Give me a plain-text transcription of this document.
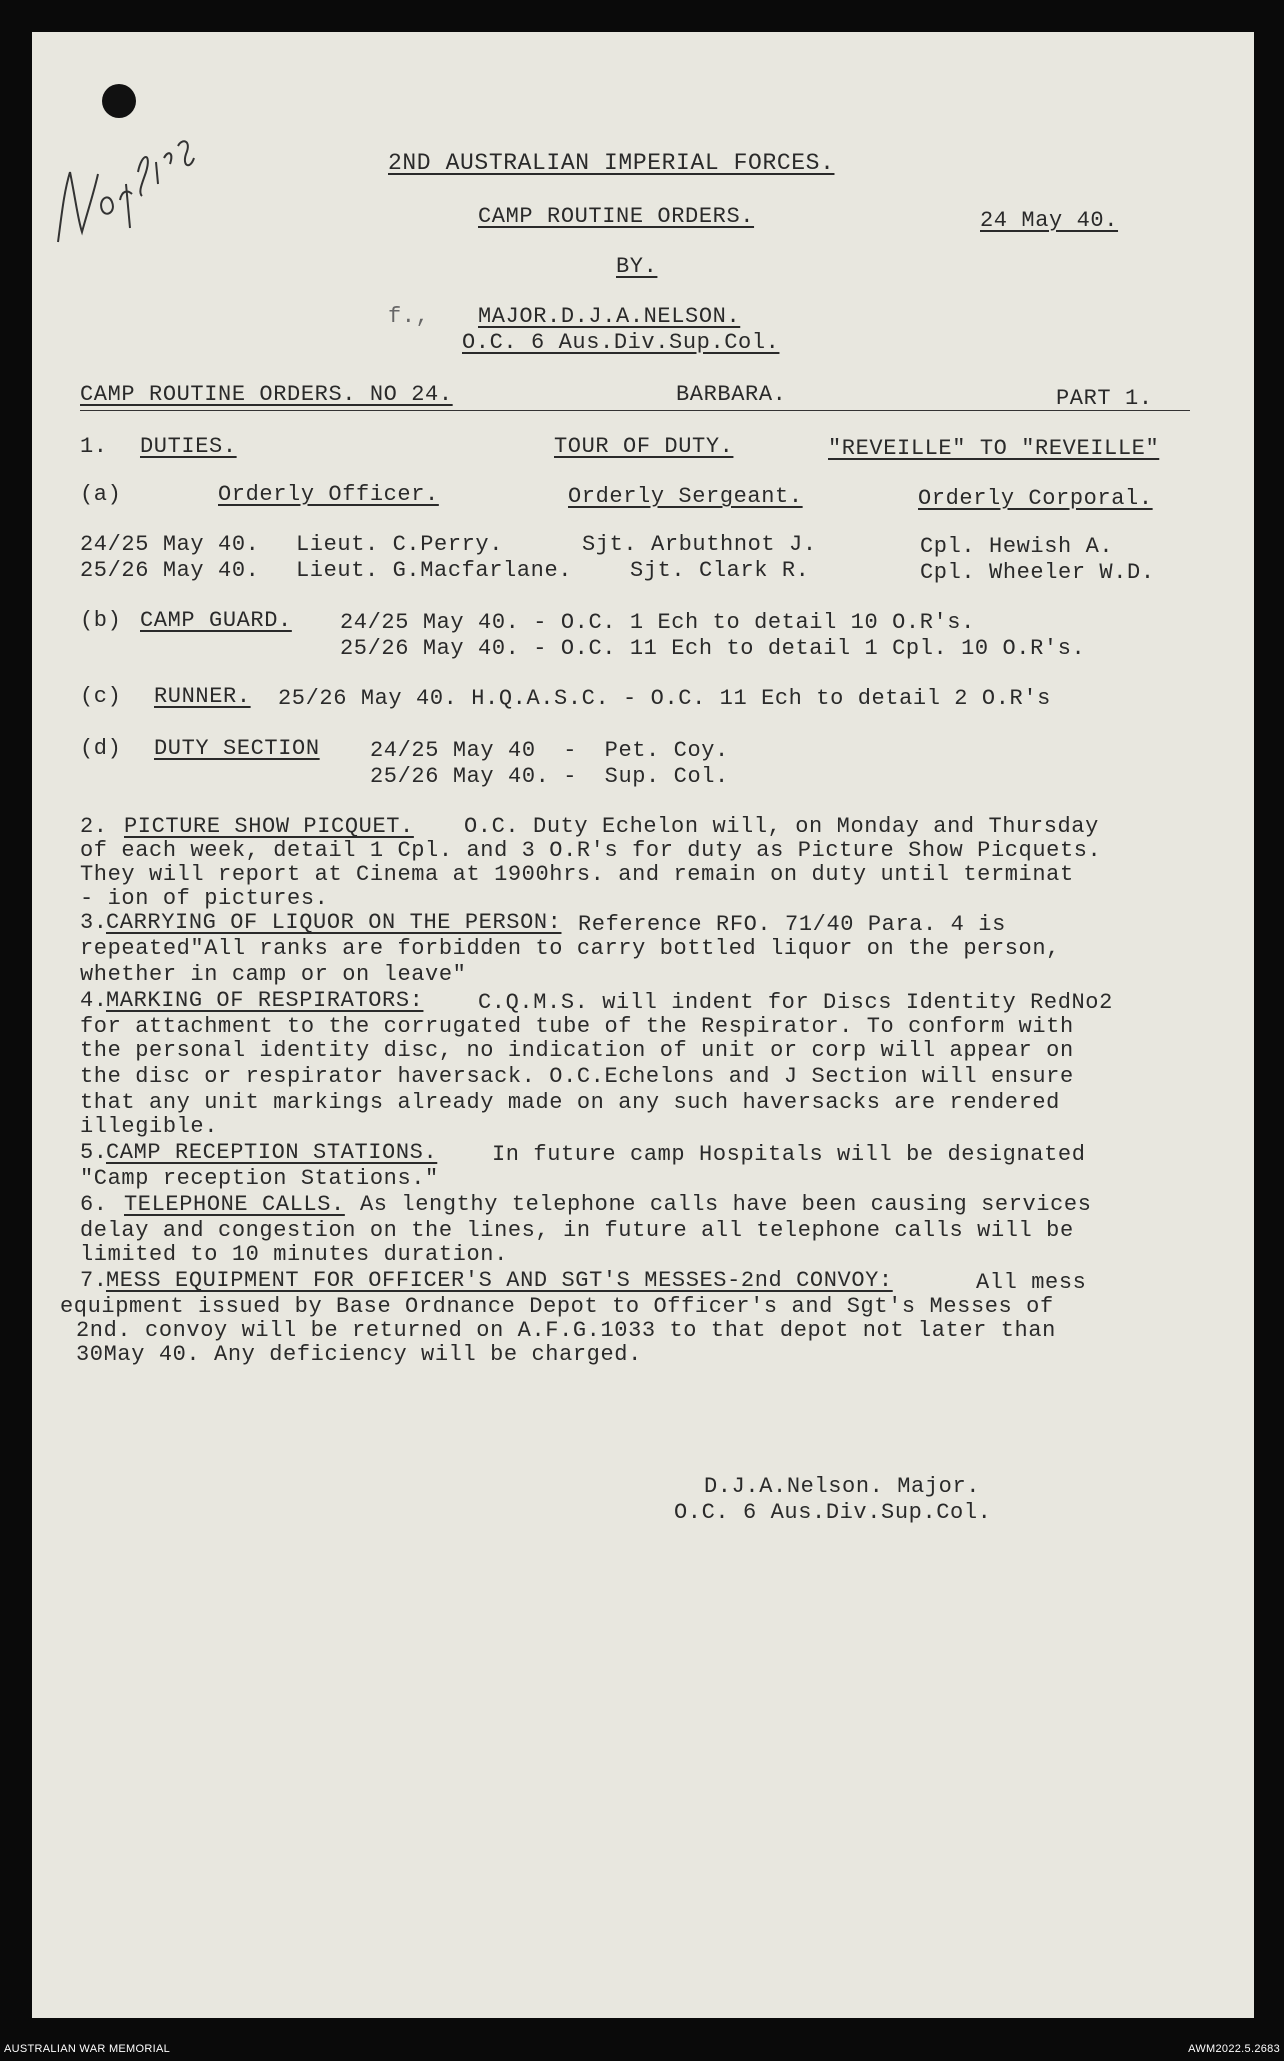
2ND AUSTRALIAN IMPERIAL FORCES.
CAMP ROUTINE ORDERS.	24 May 40.
BY.
f., MAJOR.D.J.A.NELSON.
O.C. 6 Aus.Div.Sup.Col.
CAMP ROUTINE ORDERS. NO 24.	BARBARA.	PART 1.
1. DUTIES.	TOUR OF DUTY.	"REVEILLE" TO "REVEILLE"
(a)	Orderly Officer.	Orderly Sergeant.	Orderly Corporal.
24/25 May 40. Lieut. C.Perry.	Sjt. Arbuthnot J.	Cpl. Hewish A.
25/26 May 40. Lieut. G.Macfarlane.	Sjt. Clark R.	Cpl. Wheeler W.D.
(b) CAMP GUARD. 24/25 May 40. - O.C. 1 Ech to detail 10 O.R's.
25/26 May 40. - O.C. 11 Ech to detail 1 Cpl. 10 O.R's.
(c) RUNNER. 25/26 May 40. H.Q.A.S.C. - O.C. 11 Ech to detail 2 O.R's
(d) DUTY SECTION 24/25 May 40  -  Pet. Coy.
25/26 May 40. -  Sup. Col.
2. PICTURE SHOW PICQUET. O.C. Duty Echelon will, on Monday and Thursday
of each week, detail 1 Cpl. and 3 O.R's for duty as Picture Show Picquets.
They will report at Cinema at 1900hrs. and remain on duty until terminat
- ion of pictures.
3.
CARRYING OF LIQUOR ON THE PERSON: Reference RFO. 71/40 Para. 4 is
repeated"All ranks are forbidden to carry bottled liquor on the person,
whether in camp or on leave"
4.
MARKING OF RESPIRATORS: C.Q.M.S. will indent for Discs Identity RedNo2
for attachment to the corrugated tube of the Respirator. To conform with
the personal identity disc, no indication of unit or corp will appear on
the disc or respirator haversack. O.C.Echelons and J Section will ensure
that any unit markings already made on any such haversacks are rendered
illegible.
5.
CAMP RECEPTION STATIONS. In future camp Hospitals will be designated
"Camp reception Stations."
6. TELEPHONE CALLS. As lengthy telephone calls have been causing services
delay and congestion on the lines, in future all telephone calls will be
limited to 10 minutes duration.
7.
MESS EQUIPMENT FOR OFFICER'S AND SGT'S MESSES-2nd CONVOY:	All mess
equipment issued by Base Ordnance Depot to Officer's and Sgt's Messes of
2nd. convoy will be returned on A.F.G.1033 to that depot not later than
30May 40. Any deficiency will be charged.
D.J.A.Nelson. Major.
O.C. 6 Aus.Div.Sup.Col.
AUSTRALIAN WAR MEMORIAL	AWM2022.5.2683
